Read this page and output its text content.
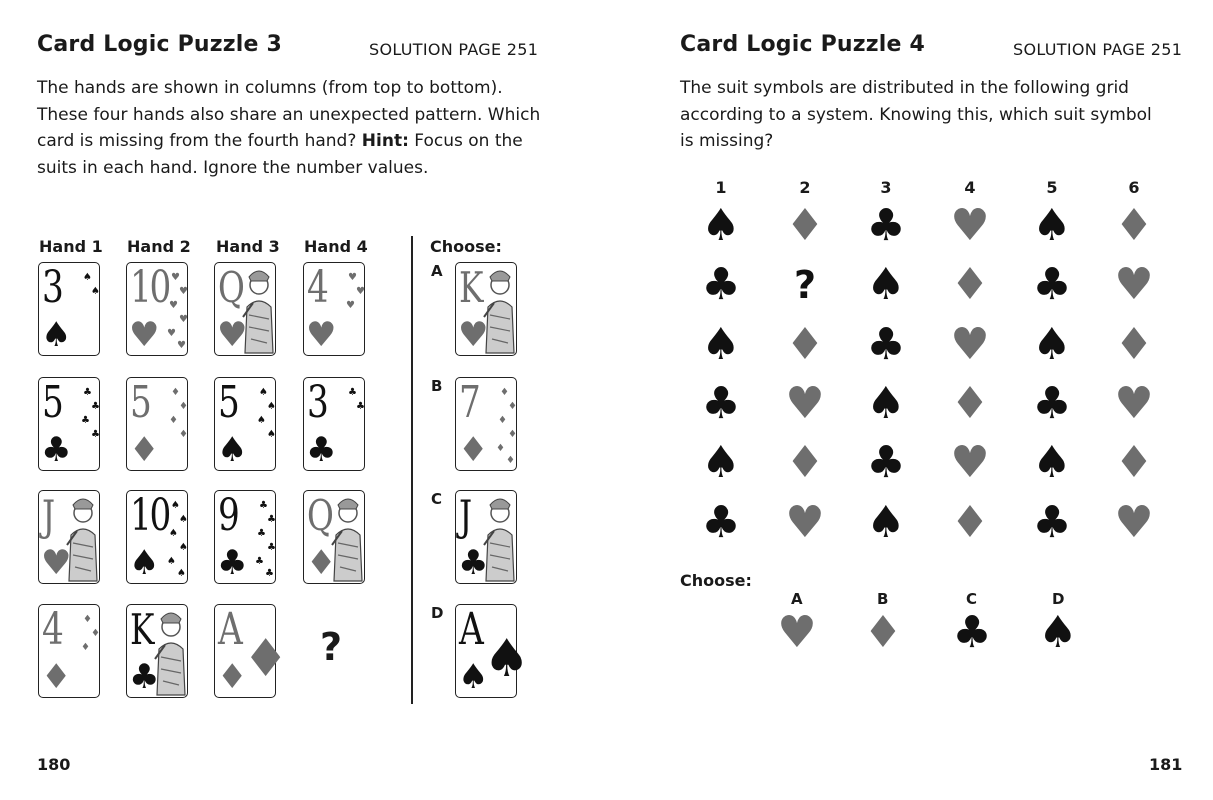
Card Logic Puzzle 3	SOLUTION PAGE 251
The hands are shown in columns (from top to bottom).
These four hands also share an unexpected pattern. Which
card is missing from the fourth hand? Hint: Focus on the
suits in each hand. Ignore the number values.
Hand 1 Hand 2 Hand 3 Hand 4	Choose:
3 ♠
♠
♠
10 ♥
♥
♥
♥
♥
♥
♥
Q
♥
4 ♥
♥
♥
♥
5 ♣
♣
♣
♣
♣
5 ♦
♦
♦
♦
♦
5 ♠
♠
♠
♠
♠
3 ♣
♣
♣
J
♥
10 ♠
♠
♠
♠
♠
♠
♠
9 ♣
♣
♣
♣
♣
♣
♣
Q
♦
4 ♦
♦
♦
♦
K
♣
A ♦
♦
?
A K
♥
B 7 ♦
♦
♦
♦
♦
♦
♦
C J
♣
D A ♠
♠
180
Card Logic Puzzle 4	SOLUTION PAGE 251
The suit symbols are distributed in the following grid
according to a system. Knowing this, which suit symbol
is missing?
1	2	3	4	5	6
♠ ♦ ♣ ♥ ♠ ♦
♣	?	♠ ♦ ♣ ♥
♠ ♦ ♣ ♥ ♠ ♦
♣ ♥ ♠ ♦ ♣ ♥
♠ ♦ ♣ ♥ ♠ ♦
♣ ♥ ♠ ♦ ♣ ♥
Choose:
A
♥
B
♦
C
♣
D
♠
181
